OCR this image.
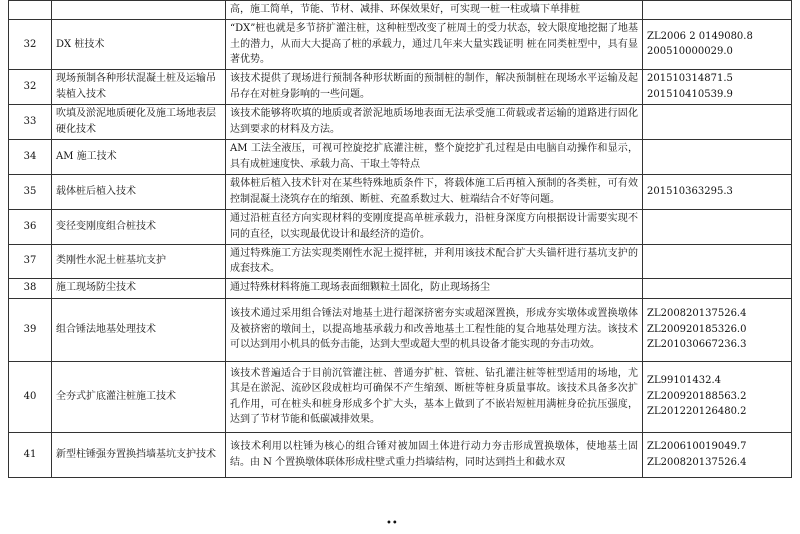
		高，施工简单，节能、节材、减排、环保效果好，可实现一桩一柱或墙下单排桩	
32	DX 桩技术	“DX”桩也就是多节挤扩灌注桩，这种桩型改变了桩周土的受力状态，较大限度地挖掘了地基土的潜力，从而大大提高了桩的承载力，通过几年来大量实践证明 桩在同类桩型中，具有显著优势。	ZL2006 2 0149080.8
200510000029.0

32	现场预制各种形状混凝土桩及运输吊装植入技术	该技术提供了现场进行预制各种形状断面的预制桩的制作，解决预制桩在现场水平运输及起吊存在对桩身影响的一些问题。	201510314871.5
201510410539.9

33	吹填及淤泥地质硬化及施工场地表层硬化技术	该技术能够将吹填的地质或者淤泥地质场地表面无法承受施工荷载或者运输的道路进行固化达到要求的材料及方法。	
34	AM 施工技术	AM 工法全液压，可视可控旋挖扩底灌注桩，整个旋挖扩孔过程是由电脑自动操作和显示，具有成桩速度快、承载力高、干取土等特点	
35	载体桩后植入技术	载体桩后植入技术针对在某些特殊地质条件下，将载体施工后再植入预制的各类桩，可有效控制混凝土浇筑存在的缩颈、断桩、充盈系数过大、桩端结合不好等问题。	201510363295.3

36	变径变刚度组合桩技术	通过沿桩直径方向实现材料的变刚度提高单桩承载力，沿桩身深度方向根据设计需要实现不同的直径，以实现最优设计和最经济的造价。	
37	类刚性水泥土桩基坑支护	通过特殊施工方法实现类刚性水泥土搅拌桩，并利用该技术配合扩大头锚杆进行基坑支护的成套技术。	
38	施工现场防尘技术	通过特殊材料将施工现场表面细颗粒土固化，防止现场扬尘	
39	组合锤法地基处理技术	该技术通过采用组合锤法对地基土进行超深挤密夯实或超深置换，形成夯实墩体或置换墩体及被挤密的墩间土，以提高地基承载力和改善地基土工程性能的复合地基处理方法。该技术可以达到用小机具的低夯击能，达到大型或超大型的机具设备才能实现的夯击功效。	ZL200820137526.4
ZL200920185326.0
ZL201030667236.3

40	全夯式扩底灌注桩施工技术	该技术普遍适合于目前沉管灌注桩、普通夯扩桩、管桩、钻孔灌注桩等桩型适用的场地，尤其是在淤泥、流砂区段成桩均可确保不产生缩颈、断桩等桩身质量事故。该技术具备多次扩孔作用，可在桩头和桩身形成多个扩大头，基本上做到了不嵌岩短桩用满桩身砼抗压强度，达到了节材节能和低碳减排效果。	ZL99101432.4
ZL200920188563.2
ZL201220126480.2

41	新型柱锤强夯置换挡墙基坑支护技术	该技术利用以柱锤为核心的组合锤对被加固土体进行动力夯击形成置换墩体，使地基土固结。由 N 个置换墩体联体形成柱壁式重力挡墙结构，同时达到挡土和截水双	ZL200610019049.7
ZL200820137526.4
••
